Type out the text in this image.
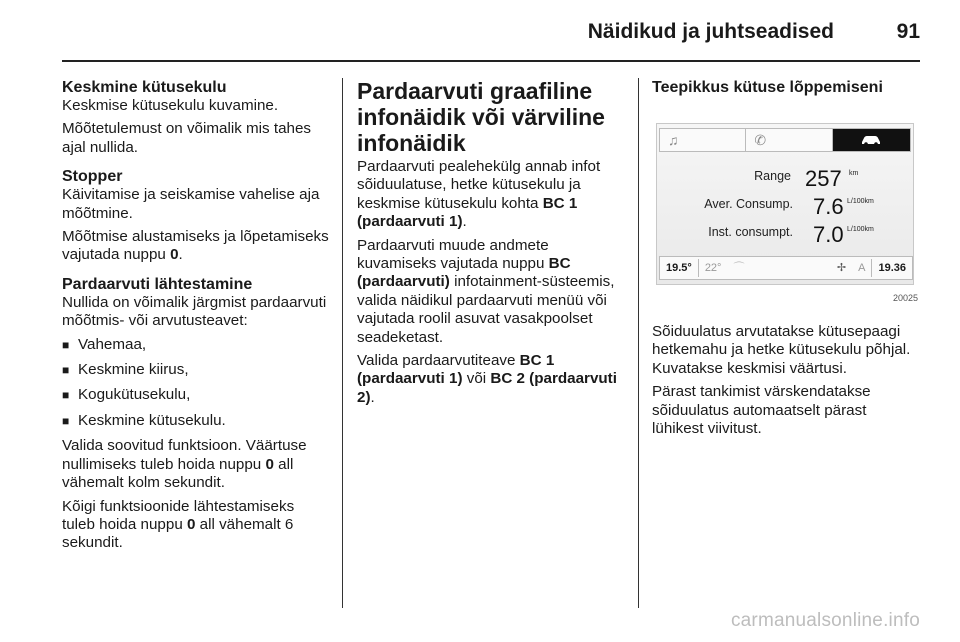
Näidikud ja juhtseadised	91
Keskmine kütusekulu

Keskmise kütusekulu kuvamine.

Mõõtetulemust on võimalik mis tahes ajal nullida.

Stopper

Käivitamise ja seiskamise vahelise aja mõõtmine.

Mõõtmise alustamiseks ja lõpetamiseks vajutada nuppu 0.

Pardaarvuti lähtestamine

Nullida on võimalik järgmist pardaarvuti mõõtmis- või arvutusteavet:

■ Vahemaa,
■ Keskmine kiirus,
■ Kogukütusekulu,
■ Keskmine kütusekulu.

Valida soovitud funktsioon. Väärtuse nullimiseks tuleb hoida nuppu 0 all vähemalt kolm sekundit.

Kõigi funktsioonide lähtestamiseks tuleb hoida nuppu 0 all vähemalt 6 sekundit.

Pardaarvuti graafiline infonäidik või värviline infonäidik

Pardaarvuti pealehekülg annab infot sõiduulatuse, hetke kütusekulu ja keskmise kütusekulu kohta BC 1 (pardaarvuti 1).

Pardaarvuti muude andmete kuvamiseks vajutada nuppu BC (pardaarvuti) infotainment-süsteemis, valida näidikul pardaarvuti menüü või vajutada roolil asuvat vasakpoolset seadeketast.

Valida pardaarvutiteave BC 1 (pardaarvuti 1) või BC 2 (pardaarvuti 2).

Teepikkus kütuse lõppemiseni
♫	✆
Range 257 km
Aver. Consump. 7.6 L/100km
Inst. consumpt. 7.0 L/100km
19.5°	22°	⌒	✢	A	19.36
20025

Sõiduulatus arvutatakse kütusepaagi hetkemahu ja hetke kütusekulu põhjal. Kuvatakse keskmisi väärtusi.

Pärast tankimist värskendatakse sõiduulatus automaatselt pärast lühikest viivitust.

carmanualsonline.info
